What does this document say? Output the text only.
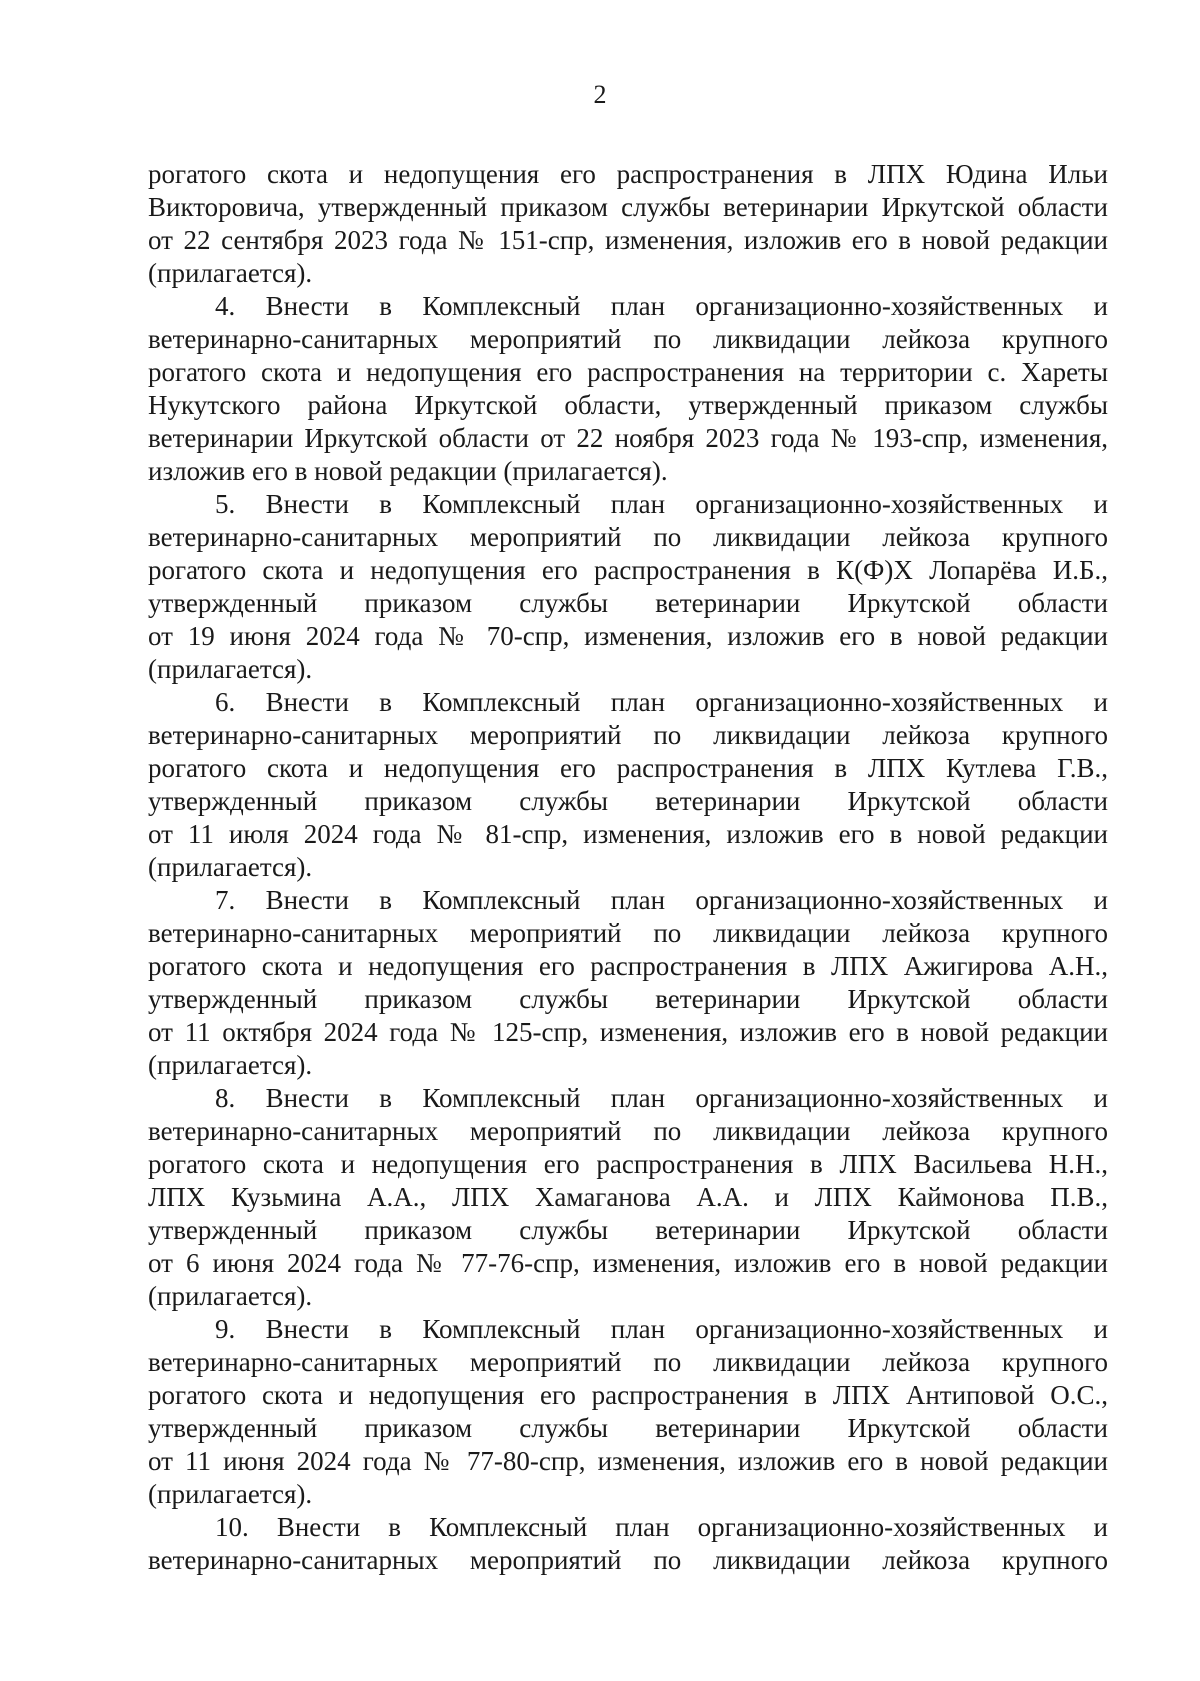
2
рогатого скота и недопущения его распространения в ЛПХ Юдина Ильи
Викторовича, утвержденный приказом службы ветеринарии Иркутской области
от 22 сентября 2023 года № 151-спр, изменения, изложив его в новой редакции
(прилагается).
4. Внести в Комплексный план организационно-хозяйственных и
ветеринарно-санитарных мероприятий по ликвидации лейкоза крупного
рогатого скота и недопущения его распространения на территории с. Хареты
Нукутского района Иркутской области, утвержденный приказом службы
ветеринарии Иркутской области от 22 ноября 2023 года № 193-спр, изменения,
изложив его в новой редакции (прилагается).
5. Внести в Комплексный план организационно-хозяйственных и
ветеринарно-санитарных мероприятий по ликвидации лейкоза крупного
рогатого скота и недопущения его распространения в К(Ф)Х Лопарёва И.Б.,
утвержденный приказом службы ветеринарии Иркутской области
от 19 июня 2024 года № 70-спр, изменения, изложив его в новой редакции
(прилагается).
6. Внести в Комплексный план организационно-хозяйственных и
ветеринарно-санитарных мероприятий по ликвидации лейкоза крупного
рогатого скота и недопущения его распространения в ЛПХ Кутлева Г.В.,
утвержденный приказом службы ветеринарии Иркутской области
от 11 июля 2024 года № 81-спр, изменения, изложив его в новой редакции
(прилагается).
7. Внести в Комплексный план организационно-хозяйственных и
ветеринарно-санитарных мероприятий по ликвидации лейкоза крупного
рогатого скота и недопущения его распространения в ЛПХ Ажигирова А.Н.,
утвержденный приказом службы ветеринарии Иркутской области
от 11 октября 2024 года № 125-спр, изменения, изложив его в новой редакции
(прилагается).
8. Внести в Комплексный план организационно-хозяйственных и
ветеринарно-санитарных мероприятий по ликвидации лейкоза крупного
рогатого скота и недопущения его распространения в ЛПХ Васильева Н.Н.,
ЛПХ Кузьмина А.А., ЛПХ Хамаганова А.А. и ЛПХ Каймонова П.В.,
утвержденный приказом службы ветеринарии Иркутской области
от 6 июня 2024 года № 77-76-спр, изменения, изложив его в новой редакции
(прилагается).
9. Внести в Комплексный план организационно-хозяйственных и
ветеринарно-санитарных мероприятий по ликвидации лейкоза крупного
рогатого скота и недопущения его распространения в ЛПХ Антиповой О.С.,
утвержденный приказом службы ветеринарии Иркутской области
от 11 июня 2024 года № 77-80-спр, изменения, изложив его в новой редакции
(прилагается).
10. Внести в Комплексный план организационно-хозяйственных и
ветеринарно-санитарных мероприятий по ликвидации лейкоза крупного
